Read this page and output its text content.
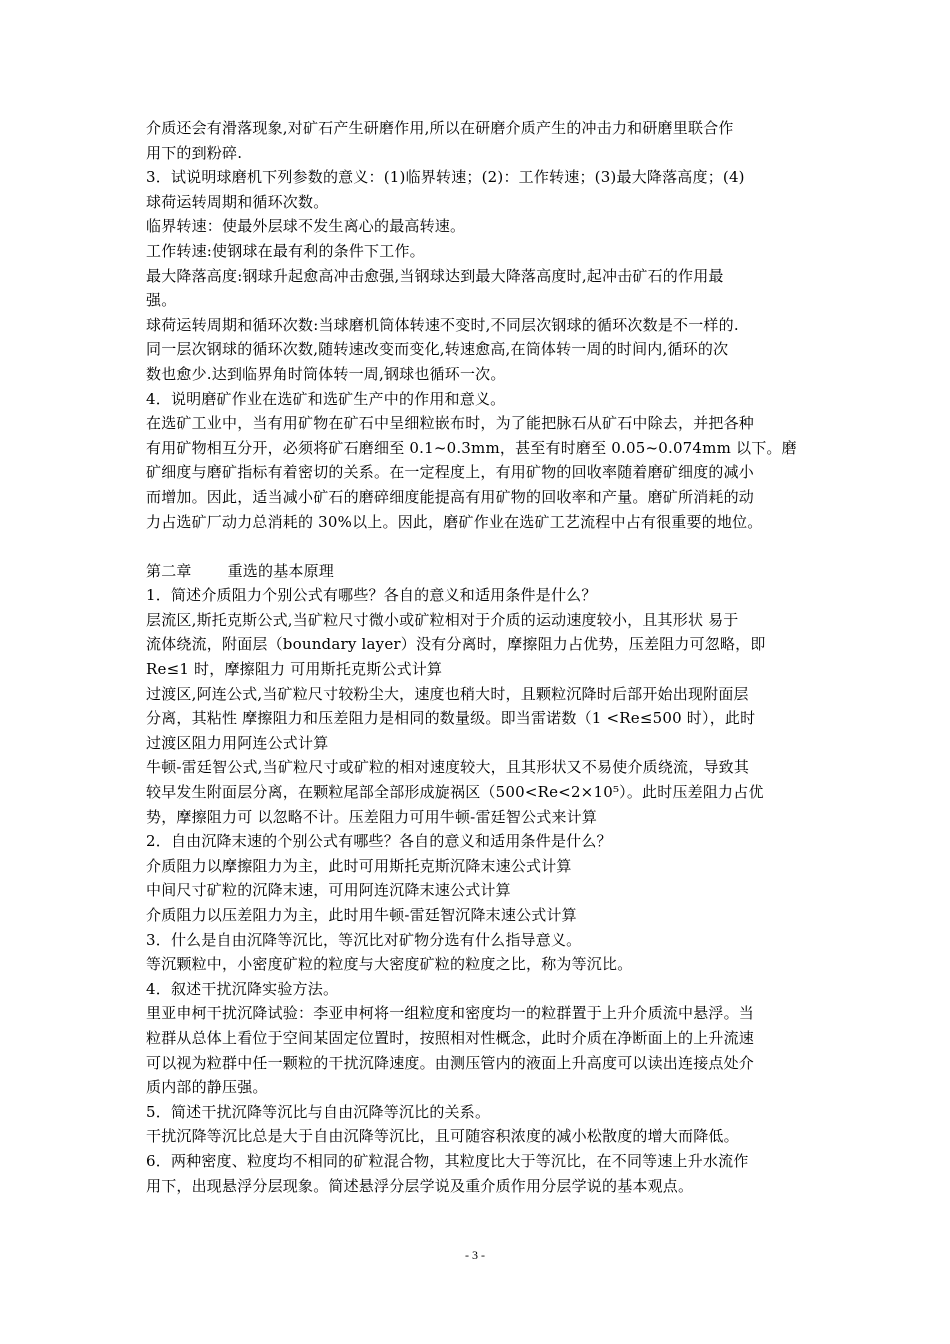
介质还会有滑落现象,对矿石产生研磨作用,所以在研磨介质产生的冲击力和研磨里联合作
用下的到粉碎.
3．试说明球磨机下列参数的意义：(1)临界转速；(2)：工作转速；(3)最大降落高度；(4)
球荷运转周期和循环次数。
临界转速：使最外层球不发生离心的最高转速。
工作转速:使钢球在最有利的条件下工作。
最大降落高度:钢球升起愈高冲击愈强,当钢球达到最大降落高度时,起冲击矿石的作用最
强。
球荷运转周期和循环次数:当球磨机筒体转速不变时,不同层次钢球的循环次数是不一样的.
同一层次钢球的循环次数,随转速改变而变化,转速愈高,在筒体转一周的时间内,循环的次
数也愈少.达到临界角时筒体转一周,钢球也循环一次。
4．说明磨矿作业在选矿和选矿生产中的作用和意义。
在选矿工业中，当有用矿物在矿石中呈细粒嵌布时，为了能把脉石从矿石中除去，并把各种
有用矿物相互分开，必须将矿石磨细至 0.1~0.3mm，甚至有时磨至 0.05~0.074mm 以下。磨
矿细度与磨矿指标有着密切的关系。在一定程度上，有用矿物的回收率随着磨矿细度的减小
而增加。因此，适当减小矿石的磨碎细度能提高有用矿物的回收率和产量。磨矿所消耗的动
力占选矿厂动力总消耗的 30%以上。因此，磨矿作业在选矿工艺流程中占有很重要的地位。
第二章 重选的基本原理
1．简述介质阻力个别公式有哪些？各自的意义和适用条件是什么？
层流区,斯托克斯公式,当矿粒尺寸微小或矿粒相对于介质的运动速度较小，且其形状 易于
流体绕流，附面层（boundary layer）没有分离时，摩擦阻力占优势，压差阻力可忽略，即
Re≤1 时，摩擦阻力 可用斯托克斯公式计算
过渡区,阿连公式,当矿粒尺寸较粉尘大，速度也稍大时，且颗粒沉降时后部开始出现附面层
分离，其粘性 摩擦阻力和压差阻力是相同的数量级。即当雷诺数（1 <Re≤500 时），此时
过渡区阻力用阿连公式计算
牛顿-雷廷智公式,当矿粒尺寸或矿粒的相对速度较大，且其形状又不易使介质绕流，导致其
较早发生附面层分离，在颗粒尾部全部形成旋祸区（500<Re<2×10⁵）。此时压差阻力占优
势，摩擦阻力可 以忽略不计。压差阻力可用牛顿-雷廷智公式来计算
2．自由沉降末速的个别公式有哪些？各自的意义和适用条件是什么？
介质阻力以摩擦阻力为主，此时可用斯托克斯沉降末速公式计算
中间尺寸矿粒的沉降末速，可用阿连沉降末速公式计算
介质阻力以压差阻力为主，此时用牛顿-雷廷智沉降末速公式计算
3．什么是自由沉降等沉比，等沉比对矿物分选有什么指导意义。
等沉颗粒中，小密度矿粒的粒度与大密度矿粒的粒度之比，称为等沉比。
4．叙述干扰沉降实验方法。
里亚申柯干扰沉降试验：李亚申柯将一组粒度和密度均一的粒群置于上升介质流中悬浮。当
粒群从总体上看位于空间某固定位置时，按照相对性概念，此时介质在净断面上的上升流速
可以视为粒群中任一颗粒的干扰沉降速度。由测压管内的液面上升高度可以读出连接点处介
质内部的静压强。
5．简述干扰沉降等沉比与自由沉降等沉比的关系。
干扰沉降等沉比总是大于自由沉降等沉比，且可随容积浓度的减小松散度的增大而降低。
6．两种密度、粒度均不相同的矿粒混合物，其粒度比大于等沉比，在不同等速上升水流作
用下，出现悬浮分层现象。简述悬浮分层学说及重介质作用分层学说的基本观点。
- 3 -
